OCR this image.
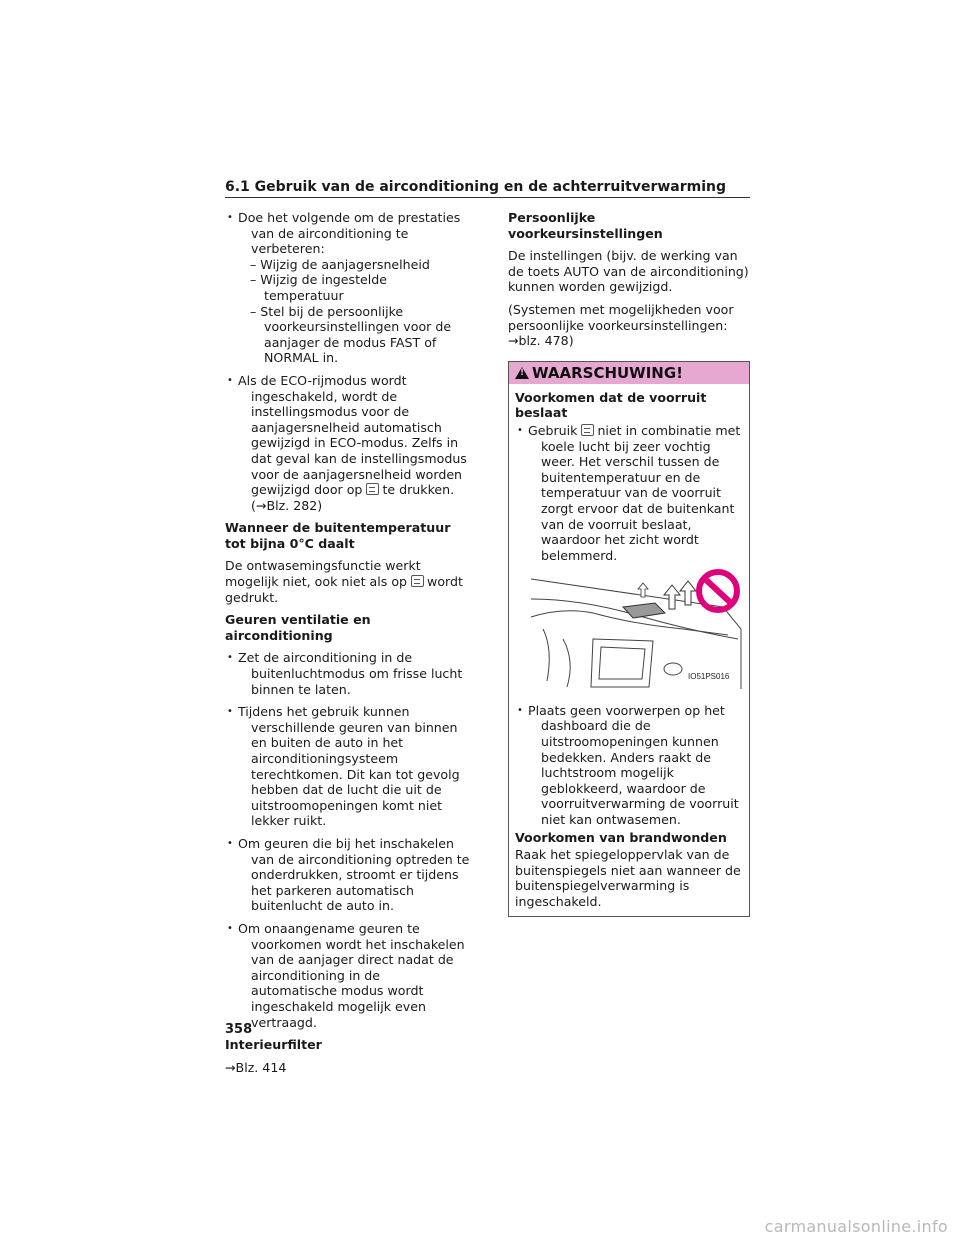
6.1 Gebruik van de airconditioning en de achterruitverwarming
• Doe het volgende om de prestaties van de airconditioning te verbeteren:
– Wijzig de aanjagersnelheid
– Wijzig de ingestelde temperatuur
– Stel bij de persoonlijke voorkeursinstellingen voor de aanjager de modus FAST of NORMAL in.
• Als de ECO-rijmodus wordt ingeschakeld, wordt de instellingsmodus voor de aanjagersnelheid automatisch gewijzigd in ECO-modus. Zelfs in dat geval kan de instellingsmodus voor de aanjagersnelheid worden gewijzigd door op te drukken. (→Blz. 282)
Wanneer de buitentemperatuur tot bijna 0°C daalt

De ontwasemingsfunctie werkt mogelijk niet, ook niet als op wordt gedrukt.

Geuren ventilatie en airconditioning
• Zet de airconditioning in de buitenluchtmodus om frisse lucht binnen te laten.
• Tijdens het gebruik kunnen verschillende geuren van binnen en buiten de auto in het airconditioningsysteem terechtkomen. Dit kan tot gevolg hebben dat de lucht die uit de uitstroomopeningen komt niet lekker ruikt.
• Om geuren die bij het inschakelen van de airconditioning optreden te onderdrukken, stroomt er tijdens het parkeren automatisch buitenlucht de auto in.
• Om onaangename geuren te voorkomen wordt het inschakelen van de aanjager direct nadat de airconditioning in de automatische modus wordt ingeschakeld mogelijk even vertraagd.
Interieurfilter

→Blz. 414

Persoonlijke voorkeursinstellingen

De instellingen (bijv. de werking van de toets AUTO van de airconditioning) kunnen worden gewijzigd.

(Systemen met mogelijkheden voor persoonlijke voorkeursinstellingen: →blz. 478)

!
WAARSCHUWING!
Voorkomen dat de voorruit beslaat
• Gebruik niet in combinatie met koele lucht bij zeer vochtig weer. Het verschil tussen de buitentemperatuur en de temperatuur van de voorruit zorgt ervoor dat de buitenkant van de voorruit beslaat, waardoor het zicht wordt belemmerd.
IO51PS016
• Plaats geen voorwerpen op het dashboard die de uitstroomopeningen kunnen bedekken. Anders raakt de luchtstroom mogelijk geblokkeerd, waardoor de voorruitverwarming de voorruit niet kan ontwasemen.
Voorkomen van brandwonden

Raak het spiegeloppervlak van de buitenspiegels niet aan wanneer de buitenspiegelverwarming is ingeschakeld.

358
carmanualsonline.info
